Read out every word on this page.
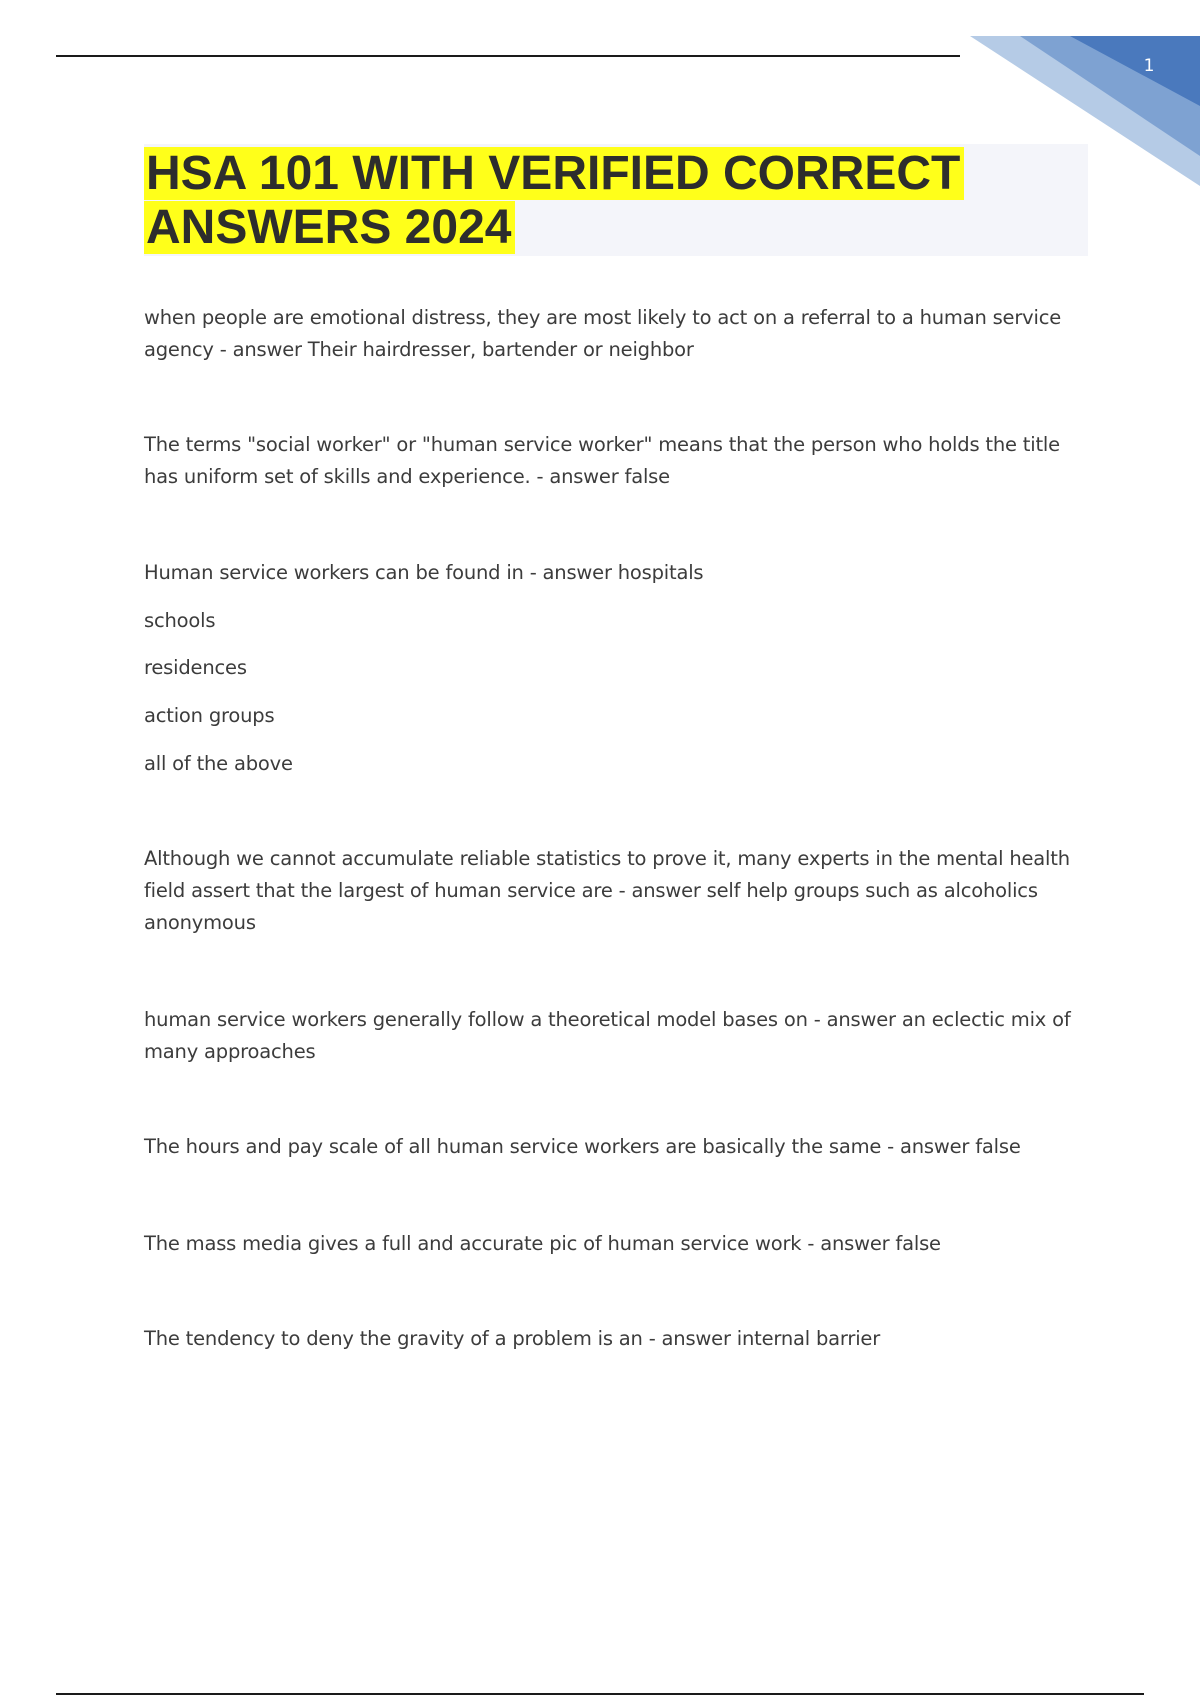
1
HSA 101 WITH VERIFIED CORRECT ANSWERS 2024

when people are emotional distress, they are most likely to act on a referral to a human service agency - answer Their hairdresser, bartender or neighbor

The terms "social worker" or "human service worker" means that the person who holds the title has uniform set of skills and experience. - answer false

Human service workers can be found in - answer hospitals

schools

residences

action groups

all of the above

Although we cannot accumulate reliable statistics to prove it, many experts in the mental health field assert that the largest of human service are - answer self help groups such as alcoholics anonymous

human service workers generally follow a theoretical model bases on - answer an eclectic mix of many approaches

The hours and pay scale of all human service workers are basically the same - answer false

The mass media gives a full and accurate pic of human service work - answer false

The tendency to deny the gravity of a problem is an - answer internal barrier
